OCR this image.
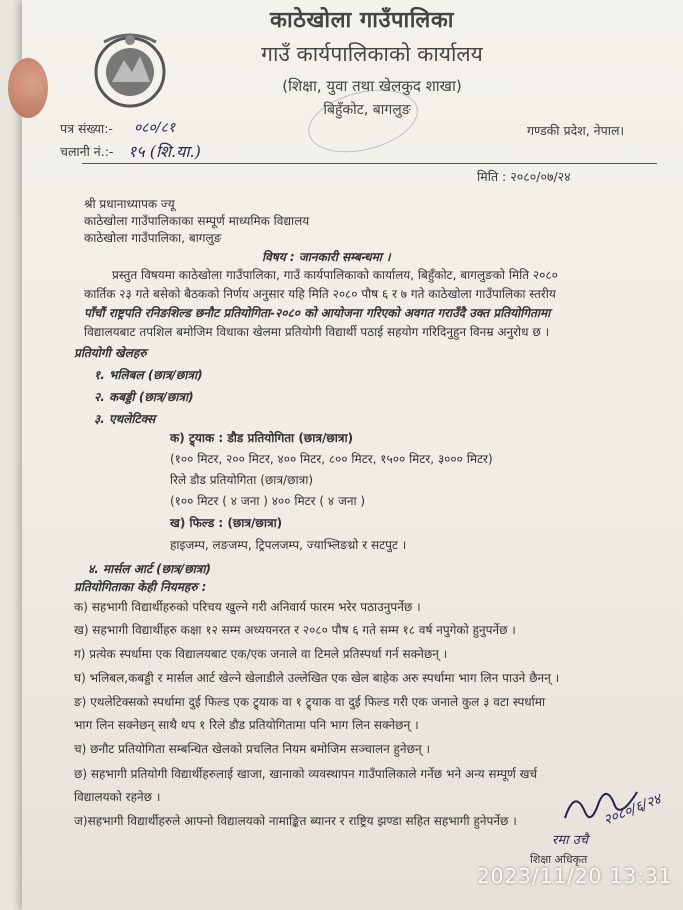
काठेखोला गाउँपालिका
गाउँ कार्यपालिकाको कार्यालय
(शिक्षा, युवा तथा खेलकुद शाखा)
बिहुँकोट, बागलुङ
पत्र संख्या:- ०८०/८१
चलानी नं.:- १५ (शि.या.)
गण्डकी प्रदेश, नेपाल।
मिति : २०८०/०७/२४
श्री प्रधानाध्यापक ज्यू
काठेखोला गाउँपालिकाका सम्पूर्ण माध्यमिक विद्यालय
काठेखोला गाउँपालिका, बागलुङ
विषय : जानकारी सम्बन्धमा ।
प्रस्तुत विषयमा काठेखोला गाउँपालिका, गाउँ कार्यपालिकाको कार्यालय, बिहुँकोट, बागलुङको मिति २०८०
कार्तिक २३ गते बसेको बैठकको निर्णय अनुसार यहि मिति २०८० पौष ६ र ७ गते काठेखोला गाउँपालिका स्तरीय
पाँचौं राष्ट्रपति रनिङशिल्ड छनौट प्रतियोगिता-२०८० को आयोजना गरिएको अवगत गराउँदै उक्त प्रतियोगितामा
विद्यालयबाट तपशिल बमोजिम विधाका खेलमा प्रतियोगी विद्यार्थी पठाई सहयोग गरिदिनुहुन विनम्र अनुरोध छ ।
प्रतियोगी खेलहरु
१. भलिबल (छात्र/छात्रा)
२. कबड्डी (छात्र/छात्रा)
३. एथलेटिक्स
क) ट्र्याक : डौड प्रतियोगिता (छात्र/छात्रा)
(१०० मिटर, २०० मिटर, ४०० मिटर, ८०० मिटर, १५०० मिटर, ३००० मिटर)
रिले डौड प्रतियोगिता (छात्र/छात्रा)
(१०० मिटर ( ४ जना ) ४०० मिटर ( ४ जना )
ख) फिल्ड : (छात्र/छात्रा)
हाइजम्प, लङजम्प, ट्रिपलजम्प, ज्याभ्लिङथ्रो र सटपुट ।
४. मार्सल आर्ट (छात्र/छात्रा)
प्रतियोगिताका केही नियमहरु :
क) सहभागी विद्यार्थीहरुको परिचय खुल्ने गरी अनिवार्य फारम भरेर पठाउनुपर्नेछ ।
ख) सहभागी विद्यार्थीहरु कक्षा १२ सम्म अध्ययनरत र २०८० पौष ६ गते सम्म १८ वर्ष नपुगेको हुनुपर्नेछ ।
ग) प्रत्येक स्पर्धामा एक विद्यालयबाट एक/एक जनाले वा टिमले प्रतिस्पर्धा गर्न सक्नेछन् ।
घ) भलिबल,कबड्डी र मार्सल आर्ट खेल्ने खेलाडीले उल्लेखित एक खेल बाहेक अरु स्पर्धामा भाग लिन पाउने छैनन् ।
ङ) एथलेटिक्सको स्पर्धामा दुई फिल्ड एक ट्र्याक वा १ ट्र्याक वा दुई फिल्ड गरी एक जनाले कुल ३ वटा स्पर्धामा
भाग लिन सक्नेछन् साथै थप १ रिले डौड प्रतियोगितामा पनि भाग लिन सक्नेछन् ।
च) छनौट प्रतियोगिता सम्बन्धित खेलको प्रचलित नियम बमोजिम सञ्चालन हुनेछन् ।
छ) सहभागी प्रतियोगी विद्यार्थीहरुलाई खाजा, खानाको व्यवस्थापन गाउँपालिकाले गर्नेछ भने अन्य सम्पूर्ण खर्च
विद्यालयको रहनेछ ।
ज)सहभागी विद्यार्थीहरुले आफ्नो विद्यालयको नामाङ्कित ब्यानर र राष्ट्रिय झण्डा सहित सहभागी हुनेपर्नेछ ।	२०८०/६/२४
रमा उचै
शिक्षा अधिकृत
2023/11/20 13:31
